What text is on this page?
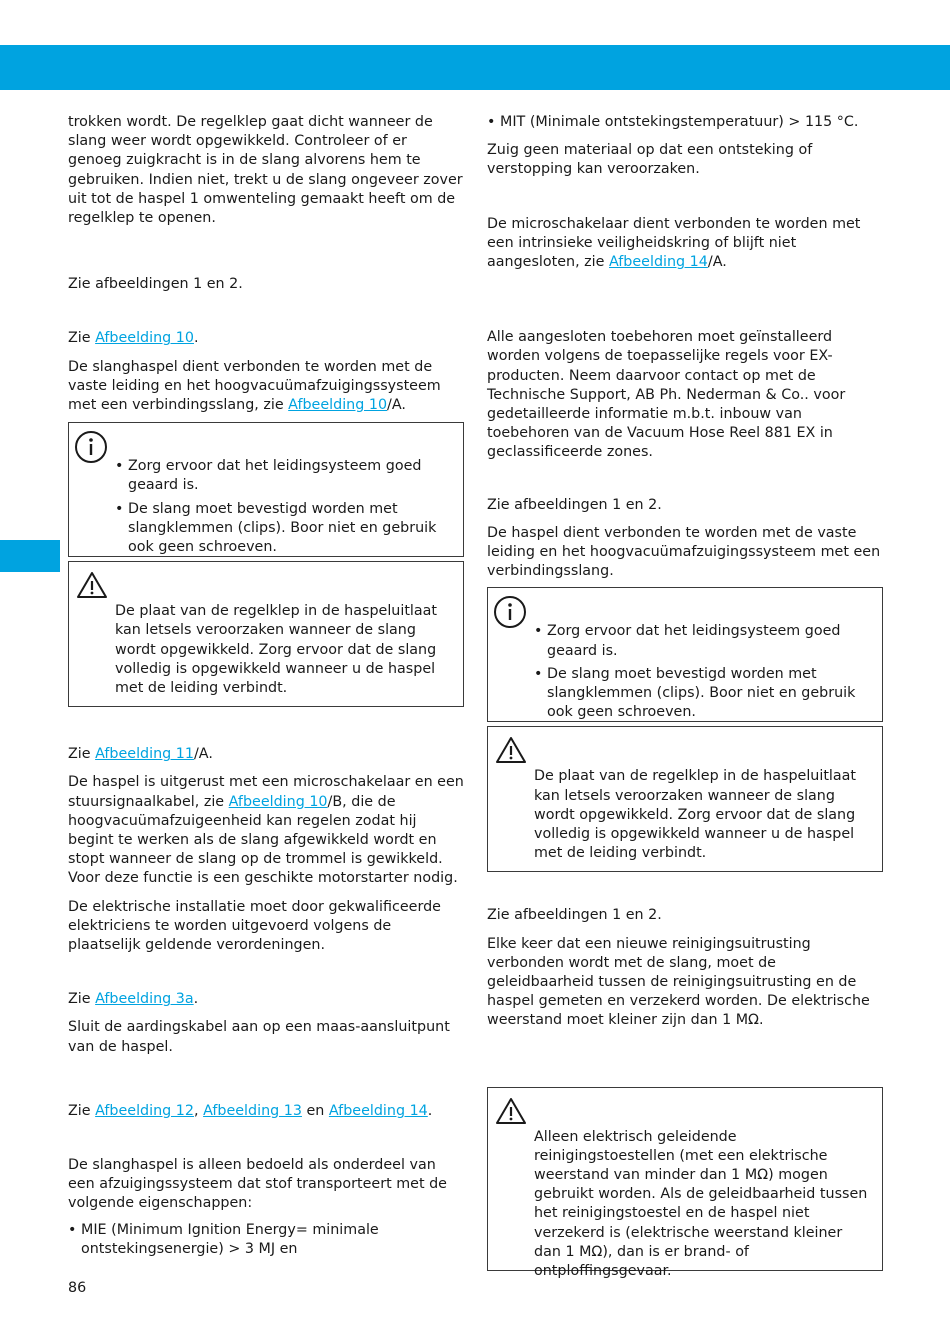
trokken wordt. De regelklep gaat dicht wanneer de slang weer wordt opgewikkeld. Controleer of er genoeg zuigkracht is in de slang alvorens hem te gebruiken. Indien niet, trekt u de slang ongeveer zover uit tot de haspel 1 omwenteling gemaakt heeft om de regelklep te openen.

Zie afbeeldingen 1 en 2.

Zie Afbeelding 10.

De slanghaspel dient verbonden te worden met de vaste leiding en het hoogvacuümafzuigingssysteem met een verbindingsslang, zie Afbeelding 10/A.

• Zorg ervoor dat het leidingsysteem goed geaard is.
• De slang moet bevestigd worden met slangklemmen (clips). Boor niet en gebruik ook geen schroeven.

De plaat van de regelklep in de haspeluitlaat kan letsels veroorzaken wanneer de slang wordt opgewikkeld. Zorg ervoor dat de slang volledig is opgewikkeld wanneer u de haspel met de leiding verbindt.

Zie Afbeelding 11/A.

De haspel is uitgerust met een microschakelaar en een stuursignaalkabel, zie Afbeelding 10/B, die de hoogvacuümafzuigeenheid kan regelen zodat hij begint te werken als de slang afgewikkeld wordt en stopt wanneer de slang op de trommel is gewikkeld. Voor deze functie is een geschikte motorstarter nodig.

De elektrische installatie moet door gekwalificeerde elektriciens te worden uitgevoerd volgens de plaatselijk geldende verordeningen.

Zie Afbeelding 3a.

Sluit de aardingskabel aan op een maas-aansluitpunt van de haspel.

Zie Afbeelding 12, Afbeelding 13 en Afbeelding 14.

De slanghaspel is alleen bedoeld als onderdeel van een afzuigingssysteem dat stof transporteert met de volgende eigenschappen:

• MIE (Minimum Ignition Energy= minimale ontstekingsenergie) > 3 MJ en
• MIT (Minimale ontstekingstemperatuur) > 115 °C.

Zuig geen materiaal op dat een ontsteking of verstopping kan veroorzaken.

De microschakelaar dient verbonden te worden met een intrinsieke veiligheidskring of blijft niet aangesloten, zie Afbeelding 14/A.

Alle aangesloten toebehoren moet geïnstalleerd worden volgens de toepasselijke regels voor EX-producten. Neem daarvoor contact op met de Technische Support, AB Ph. Nederman & Co.. voor gedetailleerde informatie m.b.t. inbouw van toebehoren van de Vacuum Hose Reel 881 EX in geclassificeerde zones.

Zie afbeeldingen 1 en 2.

De haspel dient verbonden te worden met de vaste leiding en het hoogvacuümafzuigingssysteem met een verbindingsslang.

• Zorg ervoor dat het leidingsysteem goed geaard is.
• De slang moet bevestigd worden met slangklemmen (clips). Boor niet en gebruik ook geen schroeven.

De plaat van de regelklep in de haspeluitlaat kan letsels veroorzaken wanneer de slang wordt opgewikkeld. Zorg ervoor dat de slang volledig is opgewikkeld wanneer u de haspel met de leiding verbindt.

Zie afbeeldingen 1 en 2.

Elke keer dat een nieuwe reinigingsuitrusting verbonden wordt met de slang, moet de geleidbaarheid tussen de reinigingsuitrusting en de haspel gemeten en verzekerd worden. De elektrische weerstand moet kleiner zijn dan 1 MΩ.

Alleen elektrisch geleidende reinigingstoestellen (met een elektrische weerstand van minder dan 1 MΩ) mogen gebruikt worden. Als de geleidbaarheid tussen het reinigingstoestel en de haspel niet verzekerd is (elektrische weerstand kleiner dan 1 MΩ), dan is er brand- of ontploffingsgevaar.

86
